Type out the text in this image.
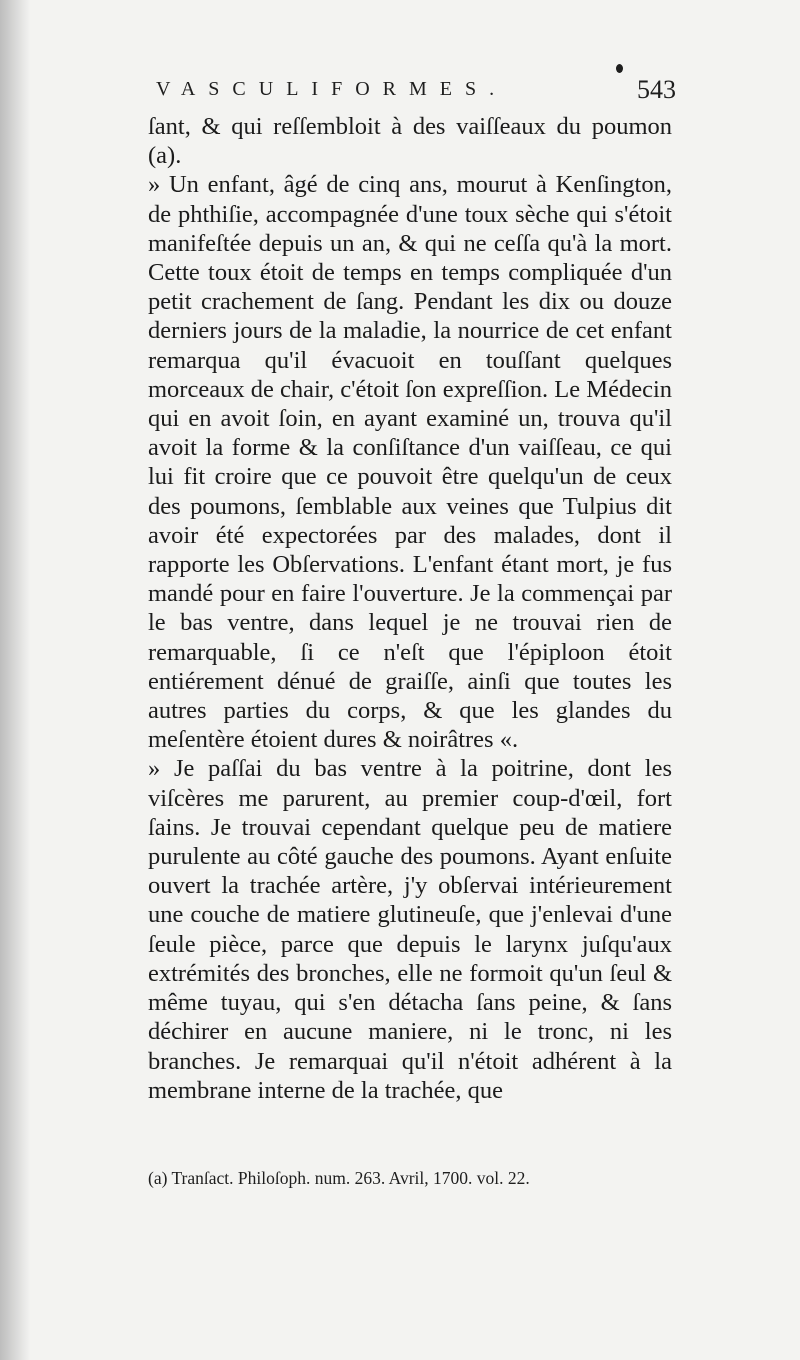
VASCULIFORMES.	543

ſant, & qui reſſembloit à des vaiſſeaux du poumon (a).

» Un enfant, âgé de cinq ans, mourut à Kenſington, de phthiſie, accompagnée d'une toux sèche qui s'étoit manifeſtée depuis un an, & qui ne ceſſa qu'à la mort. Cette toux étoit de temps en temps compliquée d'un petit crachement de ſang. Pendant les dix ou douze derniers jours de la maladie, la nourrice de cet enfant remarqua qu'il évacuoit en touſſant quelques morceaux de chair, c'étoit ſon expreſſion. Le Médecin qui en avoit ſoin, en ayant examiné un, trouva qu'il avoit la forme & la conſiſtance d'un vaiſſeau, ce qui lui fit croire que ce pouvoit être quelqu'un de ceux des poumons, ſemblable aux veines que Tulpius dit avoir été expectorées par des malades, dont il rapporte les Obſervations. L'enfant étant mort, je fus mandé pour en faire l'ouverture. Je la commençai par le bas ventre, dans lequel je ne trouvai rien de remarquable, ſi ce n'eſt que l'épiploon étoit entiérement dénué de graiſſe, ainſi que toutes les autres parties du corps, & que les glandes du meſentère étoient dures & noirâtres «.

» Je paſſai du bas ventre à la poitrine, dont les viſcères me parurent, au premier coup-d'œil, fort ſains. Je trouvai cependant quelque peu de matiere purulente au côté gauche des poumons. Ayant enſuite ouvert la trachée artère, j'y obſervai intérieurement une couche de matiere glutineuſe, que j'enlevai d'une ſeule pièce, parce que depuis le larynx juſqu'aux extrémités des bronches, elle ne formoit qu'un ſeul & même tuyau, qui s'en détacha ſans peine, & ſans déchirer en aucune maniere, ni le tronc, ni les branches. Je remarquai qu'il n'étoit adhérent à la membrane interne de la trachée, que

(a) Tranſact. Philoſoph. num. 263. Avril, 1700. vol. 22.
